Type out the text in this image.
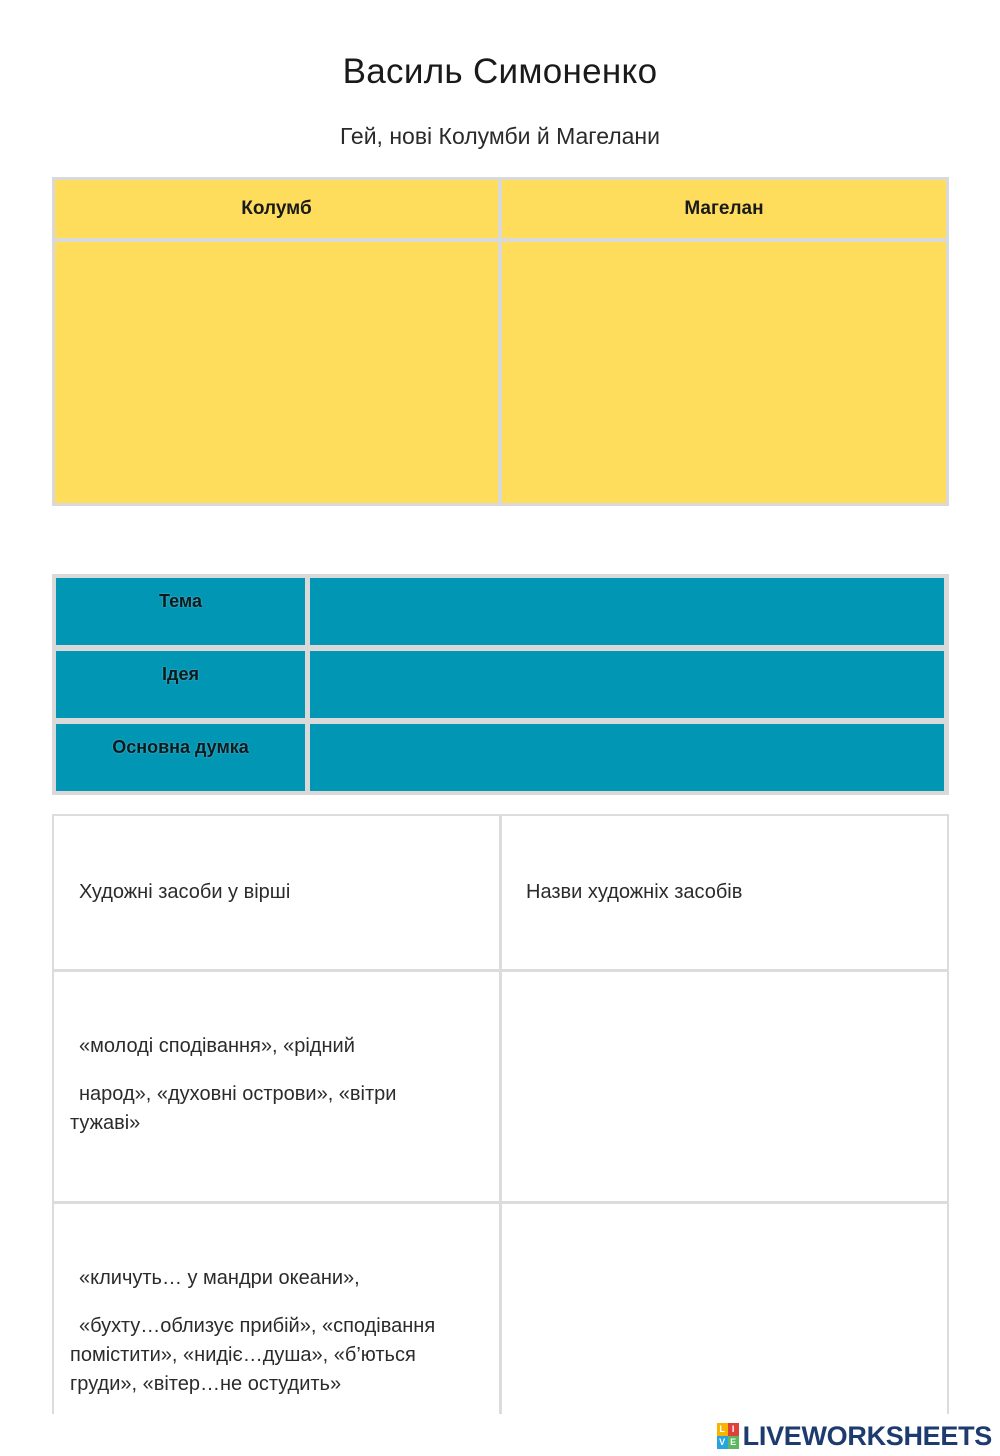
Василь Симоненко
Гей, нові Колумби й Магелани
Колумб	Магелан
Тема
Ідея
Основна думка
Художні засоби у вірші	Назви художніх засобів
«молоді сподівання», «рідний
народ», «духовні острови», «вітри
тужаві»
«кличуть… у мандри океани»,
«бухту…облизує прибій», «сподівання
помістити», «нидіє…душа», «б’ються
груди», «вітер…не остудить»
L I
V E LIVEWORKSHEETS
